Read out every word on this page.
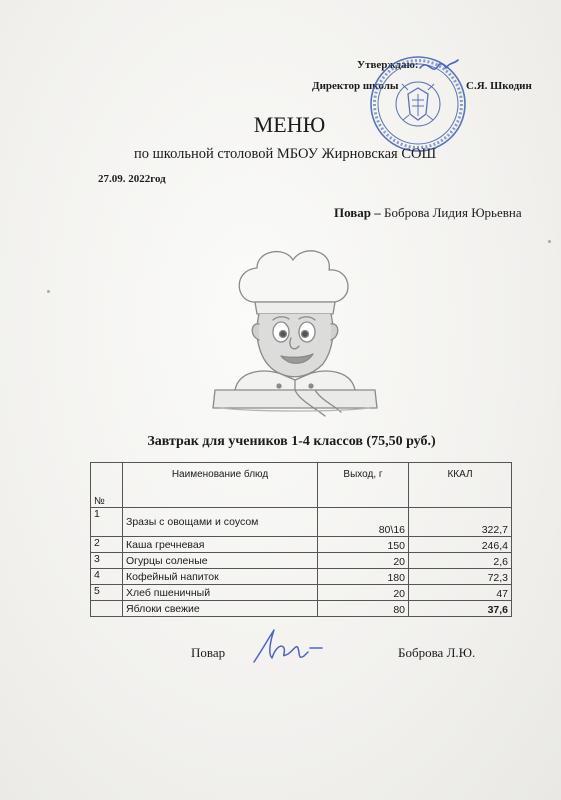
Утверждаю:
Директор школы	С.Я. Шкодин
МЕНЮ
по школьной столовой МБОУ Жирновская СОШ
27.09. 2022год
Повар – Боброва Лидия Юрьевна
Завтрак для учеников 1-4 классов (75,50 руб.)
№	Наименование блюд	Выход, г	ККАЛ
1	Зразы с овощами и соусом	80\16	322,7
2	Каша гречневая	150	246,4
3	Огурцы соленые	20	2,6
4	Кофейный напиток	180	72,3
5	Хлеб пшеничный	20	47
	Яблоки свежие	80	37,6
Повар	Боброва Л.Ю.
